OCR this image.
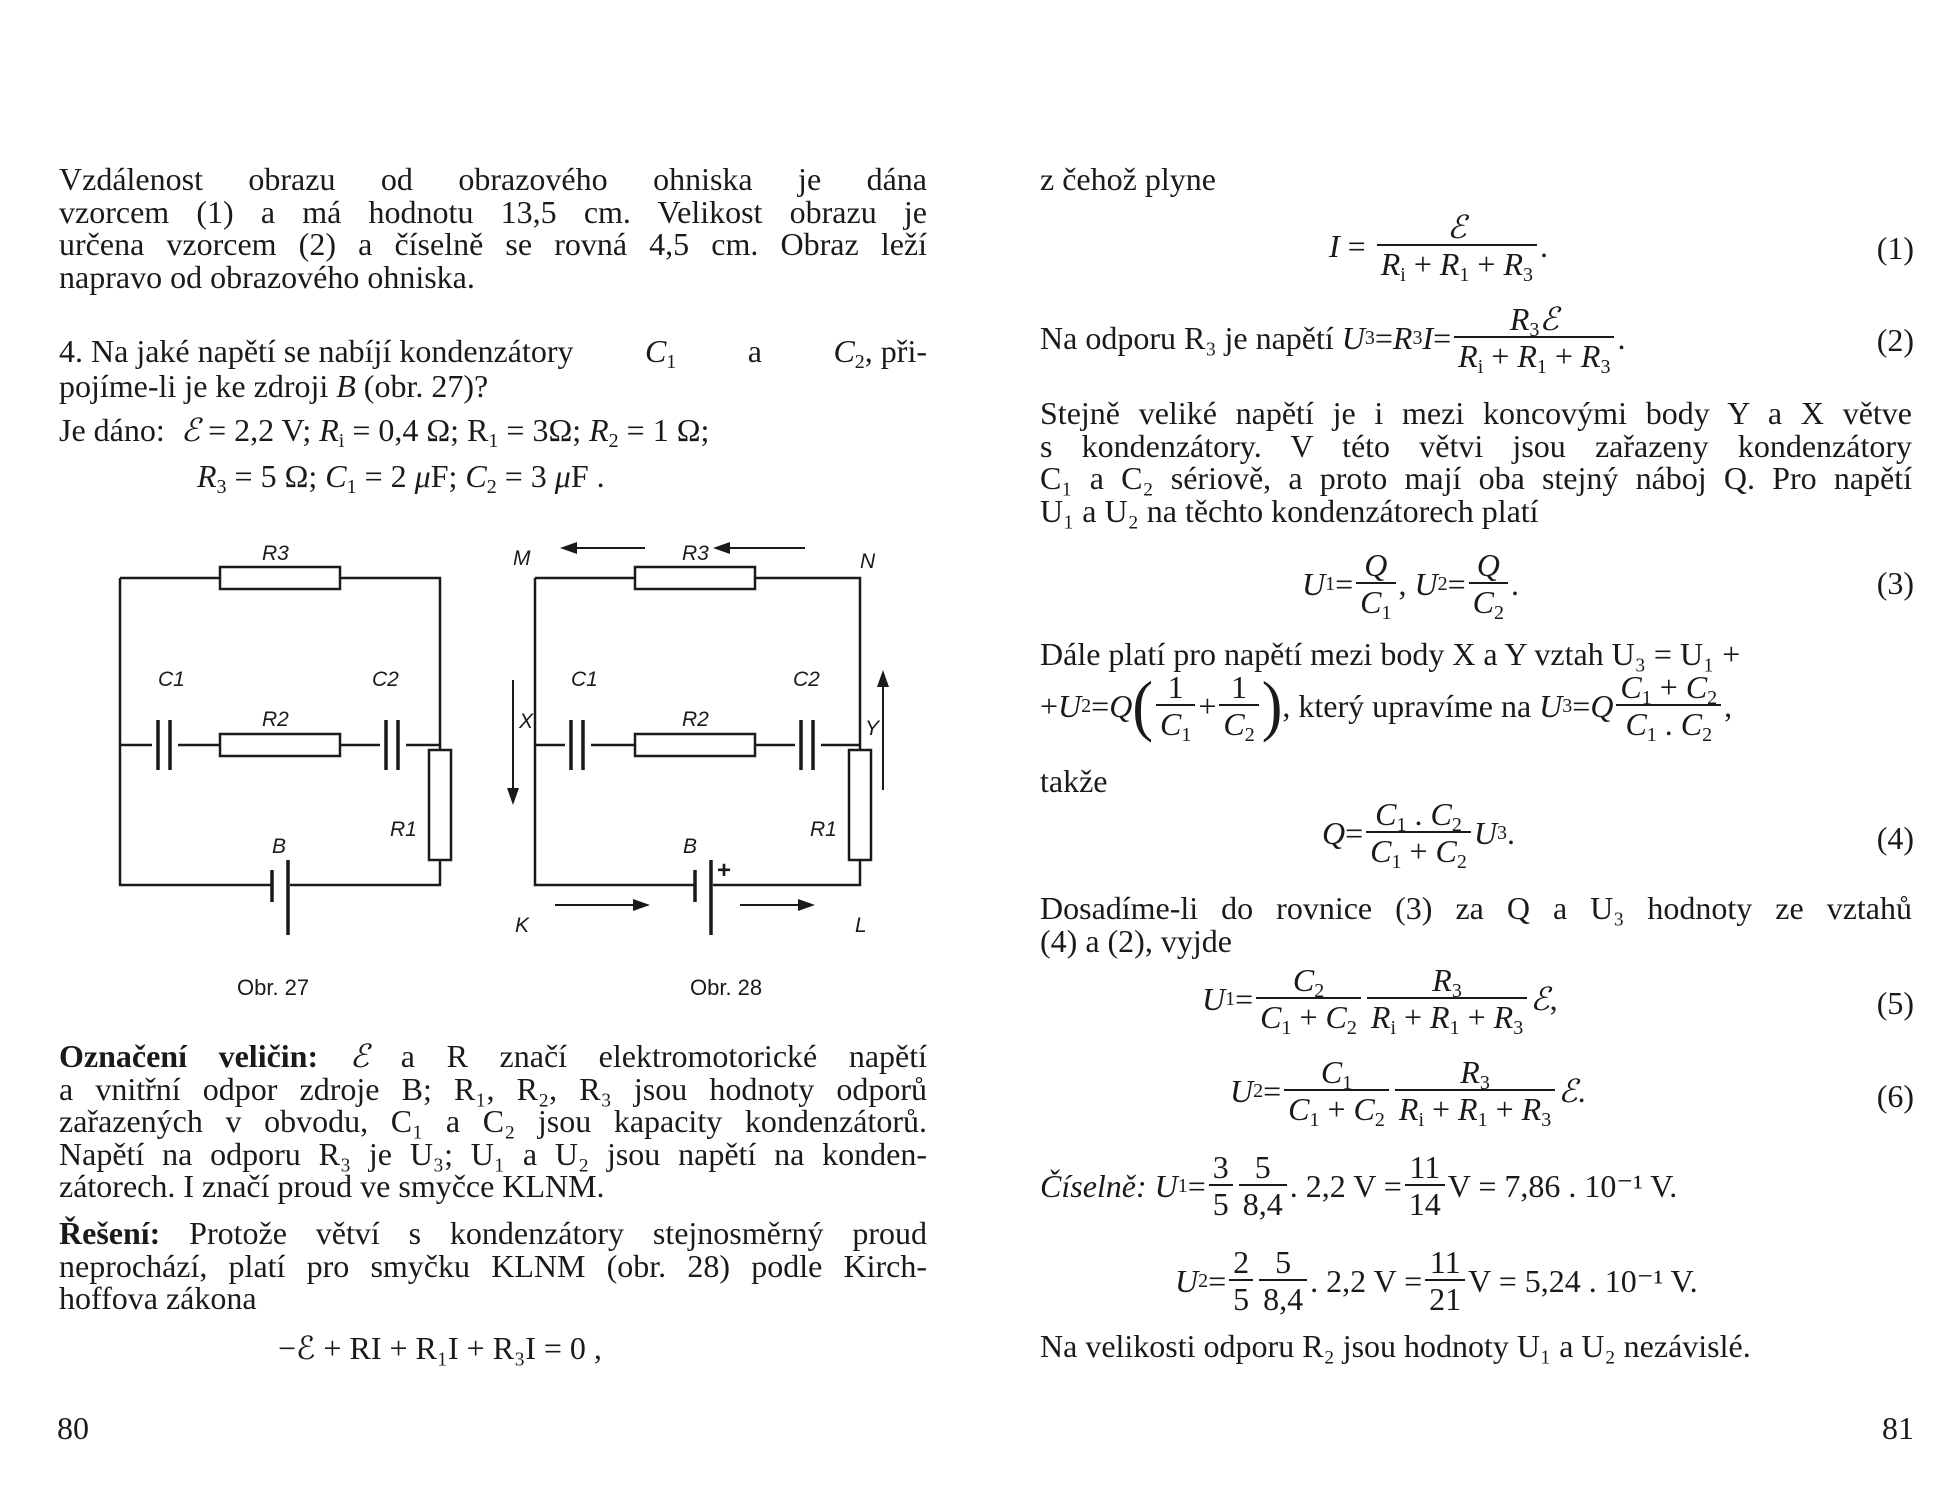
Vzdálenost obrazu od obrazového ohniska je dána
vzorcem (1) a má hodnotu 13,5 cm. Velikost obrazu je
určena vzorcem (2) a číselně se rovná 4,5 cm. Obraz leží
napravo od obrazového ohniska.
4. Na jaké napětí se nabíjí kondenzátory $C_1$ a $C_2$, při-
pojíme-li je ke zdroji B (obr. 27)?
Je dáno: ℰ = 2,2 V; $R_i = 0,4$ Ω; $R_1 = 3\Omega$; $R_2 = 1$ Ω;
$R_3 = 5$ Ω; $C_1 = 2$ μF; $C_2 = 3$ μF .
R3
C1
R2
C2
R1
B
M	R3	N
C1
R2
C2
X	Y
R1
B
+
K	L
Obr. 27	Obr. 28
Označení veličin: ℰ a R značí elektromotorické napětí
a vnitřní odpor zdroje B; R₁, R₂, R₃ jsou hodnoty odporů
zařazených v obvodu, C₁ a C₂ jsou kapacity kondenzátorů.
Napětí na odporu R₃ je U₃; U₁ a U₂ jsou napětí na konden-
zátorech. I značí proud ve smyčce KLNM.
Řešení: Protože větví s kondenzátory stejnosměrný proud
neprochází, platí pro smyčku KLNM (obr. 28) podle Kirch-
hoffova zákona
−ℰ + RI + R₁I + R₃I = 0 ,
80
z čehož plyne
$I = \frac{\text{ℰ}}{R_i + R_1 + R_3}$ .	(1)
Na odporu R₃ je napětí
U 3 = R 3 $I = \frac{R_3ℰ}{R_i + R_1 + R_3}$ .	(2)
Stejně veliké napětí je i mezi koncovými body Y a X větve
s kondenzátory. V této větvi jsou zařazeny kondenzátory
C₁ a C₂ sériově, a proto mají oba stejný náboj Q. Pro napětí
U₁ a U₂ na těchto kondenzátorech platí
U $1 = \frac{Q}{C_1}$ , U $2 = \frac{Q}{C_2}$ .	(3)
Dále platí pro napětí mezi body X a Y vztah U₃ = U₁ +
+ U 2 = Q ( $\frac{1}{C_1} + \frac{1}{C_2}$ ) , který upravíme na
U 3 = Q $\frac{C_1 + C_2}{C_1 . C_2}$ ,
takže
$Q = \frac{C_1 . C_2}{C_1 + C_2}$ U 3 .	(4)
Dosadíme-li do rovnice (3) za Q a U₃ hodnoty ze vztahů
(4) a (2), vyjde
U $1 = \frac{C_2}{C_1 + C_2} \frac{R_3}{R_i + R_1 + R_3}$ ℰ ,	(5)
U $2 = \frac{C_1}{C_1 + C_2} \frac{R_3}{R_i + R_1 + R_3}$ ℰ .	(6)
Číselně:
U $1 = \frac{3}{5} \frac{5}{8,4}$ . 2,2 $V = \frac{11}{14}$ V = 7,86 . 10⁻¹ V.
U $2 = \frac{2}{5} \frac{5}{8,4}$ . 2,2 $V = \frac{11}{21}$ V = 5,24 . 10⁻¹ V.
Na velikosti odporu R₂ jsou hodnoty U₁ a U₂ nezávislé.
81
